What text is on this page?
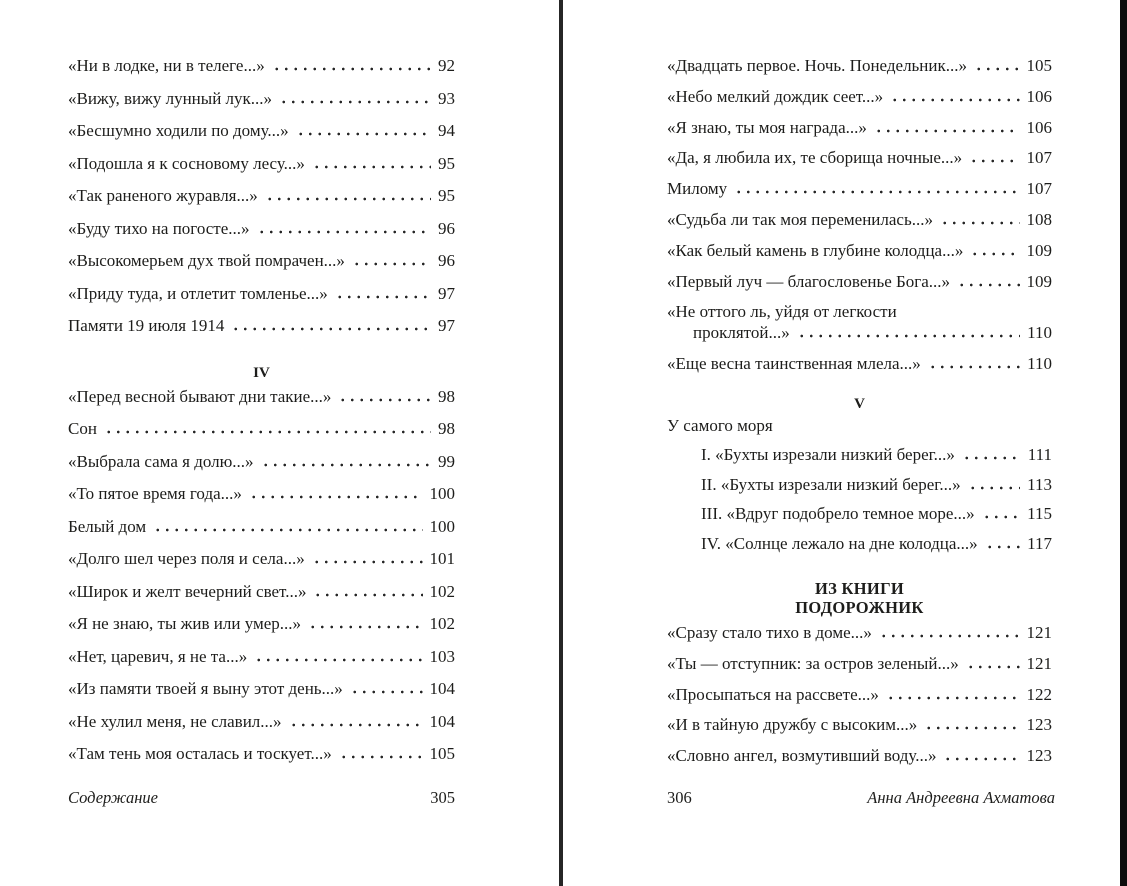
«Ни в лодке, ни в телеге...»	92
«Вижу, вижу лунный лук...»	93
«Бесшумно ходили по дому...»	94
«Подошла я к сосновому лесу...»	95
«Так раненого журавля...»	95
«Буду тихо на погосте...»	96
«Высокомерьем дух твой помрачен...»	96
«Приду туда, и отлетит томленье...»	97
Памяти 19 июля 1914	97
IV
«Перед весной бывают дни такие...»	98
Сон	98
«Выбрала сама я долю...»	99
«То пятое время года...»	100
Белый дом	100
«Долго шел через поля и села...»	101
«Широк и желт вечерний свет...»	102
«Я не знаю, ты жив или умер...»	102
«Нет, царевич, я не та...»	103
«Из памяти твоей я выну этот день...»	104
«Не хулил меня, не славил...»	104
«Там тень моя осталась и тоскует...»	105
«Двадцать первое. Ночь. Понедельник...»	105
«Небо мелкий дождик сеет...»	106
«Я знаю, ты моя награда...»	106
«Да, я любила их, те сборища ночные...»	107
Милому	107
«Судьба ли так моя переменилась...»	108
«Как белый камень в глубине колодца...»	109
«Первый луч — благословенье Бога...»	109
«Не оттого ль, уйдя от легкости
проклятой...»	110
«Еще весна таинственная млела...»	110
V
У самого моря
I. «Бухты изрезали низкий берег...»	111
II. «Бухты изрезали низкий берег...»	113
III. «Вдруг подобрело темное море...»	115
IV. «Солнце лежало на дне колодца...»	117
ИЗ КНИГИ
ПОДОРОЖНИК
«Сразу стало тихо в доме...»	121
«Ты — отступник: за остров зеленый...»	121
«Просыпаться на рассвете...»	122
«И в тайную дружбу с высоким...»	123
«Словно ангел, возмутивший воду...»	123
Содержание	305	306	Анна Андреевна Ахматова
